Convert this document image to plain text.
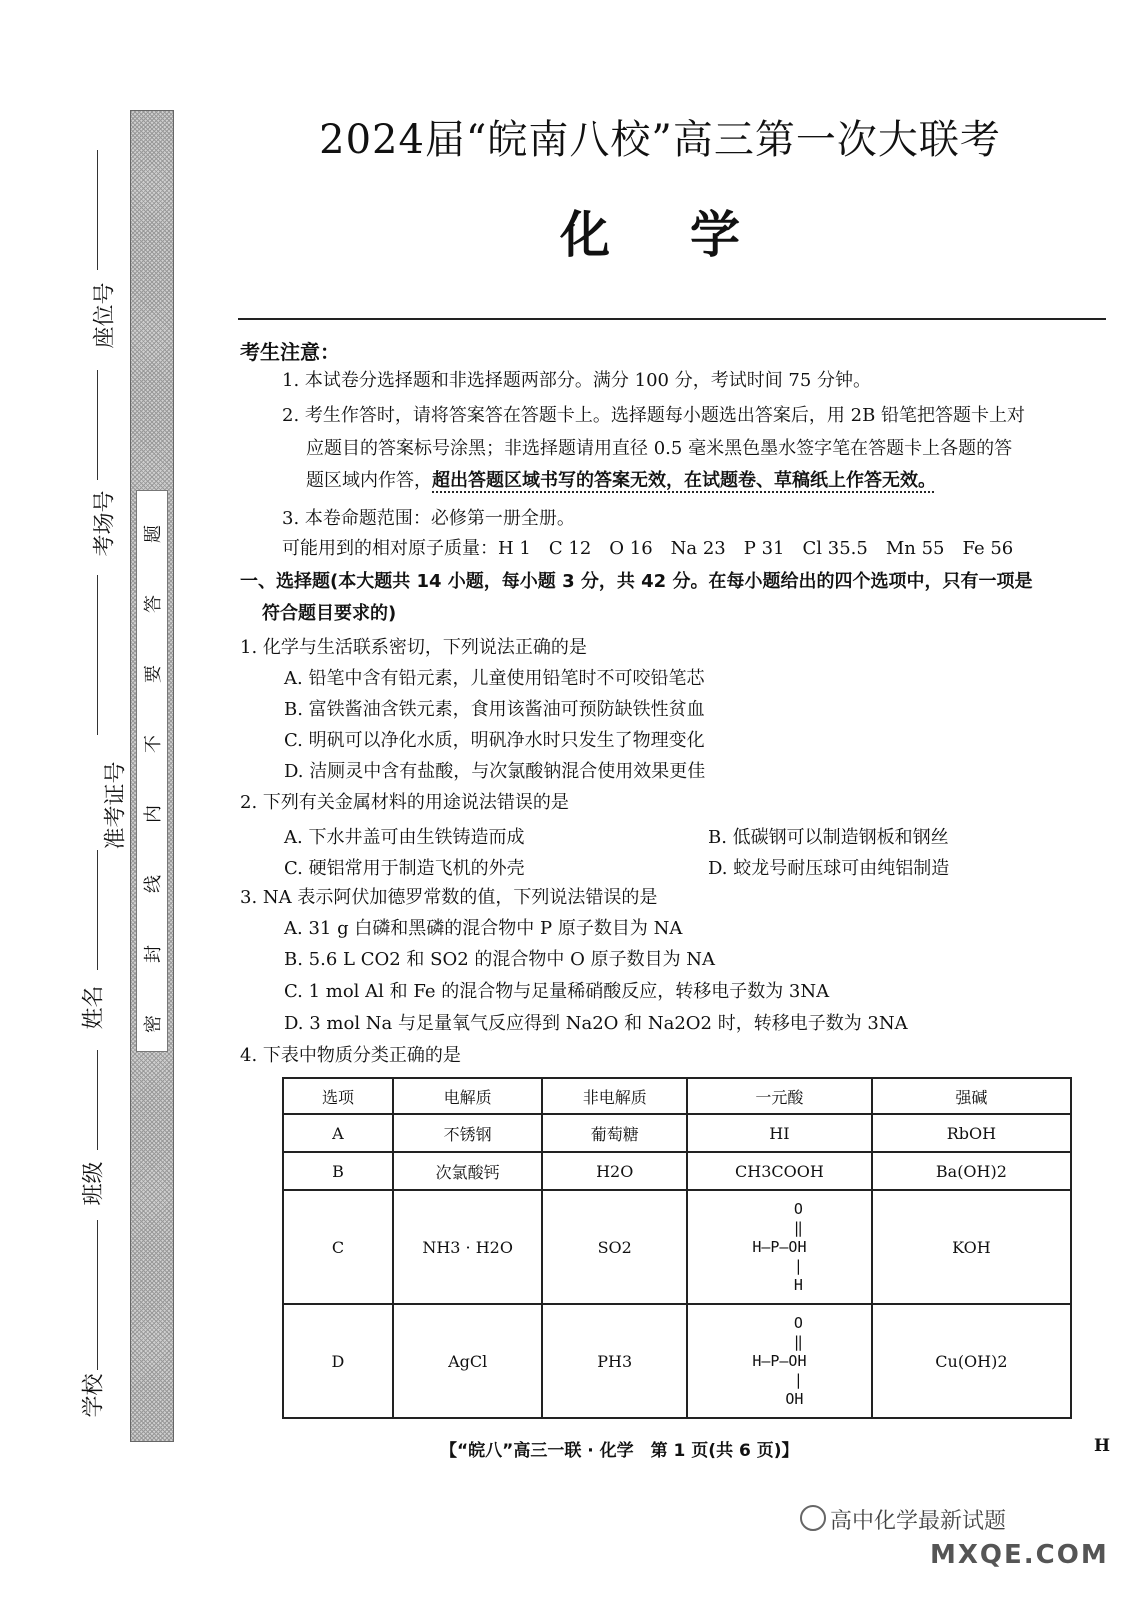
座位号
考场号
准考证号
姓名
班级
学校
密
封
线
内
不
要
答
题
2024届“皖南八校”高三第一次大联考
化学
考生注意：
1. 本试卷分选择题和非选择题两部分。满分 100 分，考试时间 75 分钟。
2. 考生作答时，请将答案答在答题卡上。选择题每小题选出答案后，用 2B 铅笔把答题卡上对
应题目的答案标号涂黑；非选择题请用直径 0.5 毫米黑色墨水签字笔在答题卡上各题的答
题区域内作答，超出答题区域书写的答案无效，在试题卷、草稿纸上作答无效。
3. 本卷命题范围：必修第一册全册。
可能用到的相对原子质量：H 1　C 12　O 16　Na 23　P 31　Cl 35.5　Mn 55　Fe 56
一、选择题(本大题共 14 小题，每小题 3 分，共 42 分。在每小题给出的四个选项中，只有一项是
符合题目要求的)
1. 化学与生活联系密切，下列说法正确的是
A. 铅笔中含有铅元素，儿童使用铅笔时不可咬铅笔芯
B. 富铁酱油含铁元素，食用该酱油可预防缺铁性贫血
C. 明矾可以净化水质，明矾净水时只发生了物理变化
D. 洁厕灵中含有盐酸，与次氯酸钠混合使用效果更佳
2. 下列有关金属材料的用途说法错误的是
A. 下水井盖可由生铁铸造而成	B. 低碳钢可以制造钢板和钢丝
C. 硬铝常用于制造飞机的外壳	D. 蛟龙号耐压球可由纯铝制造
3. NA 表示阿伏加德罗常数的值，下列说法错误的是
A. 31 g 白磷和黑磷的混合物中 P 原子数目为 NA
B. 5.6 L CO2 和 SO2 的混合物中 O 原子数目为 NA
C. 1 mol Al 和 Fe 的混合物与足量稀硝酸反应，转移电子数为 3NA
D. 3 mol Na 与足量氧气反应得到 Na2O 和 Na2O2 时，转移电子数为 3NA
4. 下表中物质分类正确的是
选项	电解质	非电解质	一元酸	强碱
A	不锈钢	葡萄糖	HI	RbOH
B	次氯酸钙	H2O	CH3COOH	Ba(OH)2
C	NH3 · H2O	SO2	O
‖
H—P—OH
|
H	KOH
D	AgCl	PH3	O
‖
H—P—OH
|
OH	Cu(OH)2
【“皖八”高三一联 · 化学　第 1 页(共 6 页)】	H
高中化学最新试题
MXQE.COM
